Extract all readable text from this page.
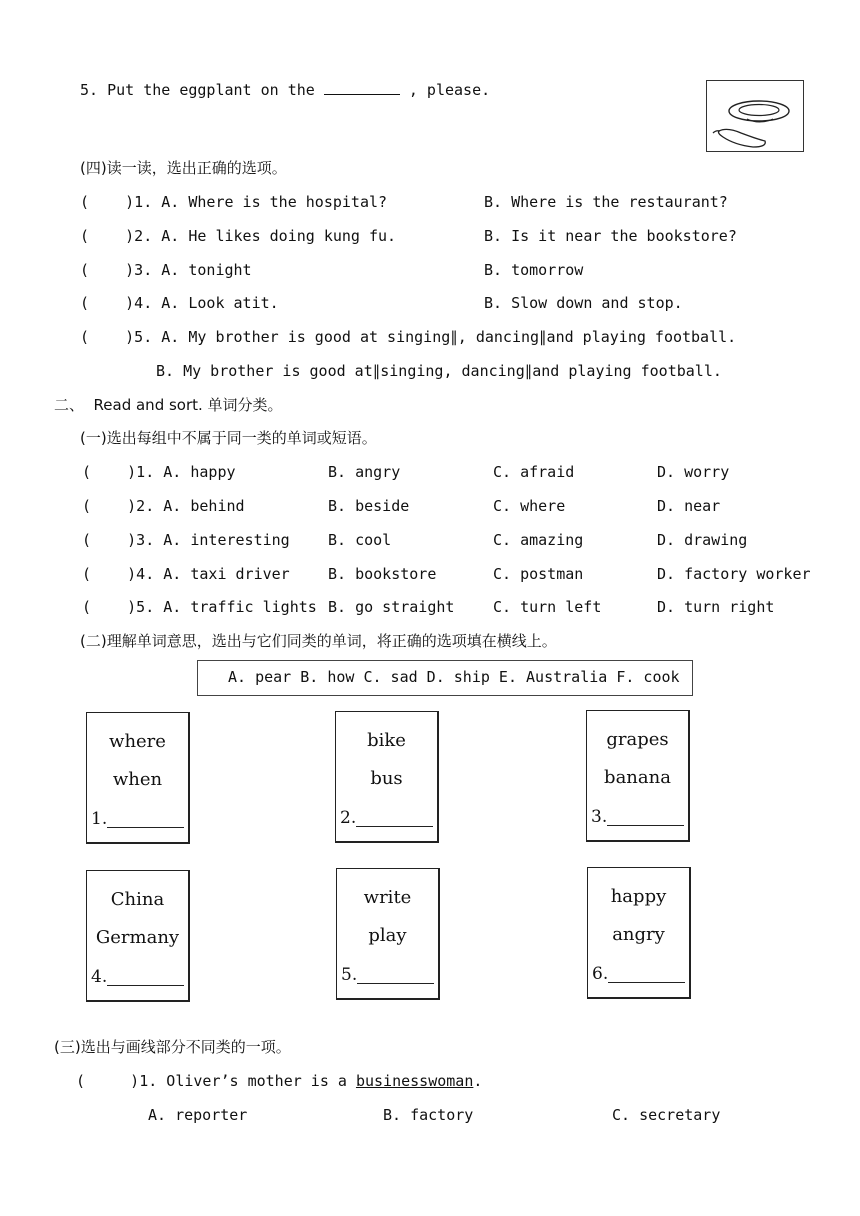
5. Put the eggplant on the	, please.
(四)读一读，选出正确的选项。
(    )1. A. Where is the hospital?	B. Where is the restaurant?
(    )2. A. He likes doing kung fu.	B. Is it near the bookstore?
(    )3. A. tonight	B. tomorrow
(    )4. A. Look atit.	B. Slow down and stop.
(    )5. A. My brother is good at singing∥, dancing∥and playing football.
B. My brother is good at∥singing, dancing∥and playing football.
二、  Read and sort. 单词分类。
(一)选出每组中不属于同一类的单词或短语。
(    )1. A. happy	B. angry	C. afraid	D. worry
(    )2. A. behind	B. beside	C. where	D. near
(    )3. A. interesting	B. cool	C. amazing	D. drawing
(    )4. A. taxi driver	B. bookstore	C. postman	D. factory worker
(    )5. A. traffic lights B. go straight	C. turn left	D. turn right
(二)理解单词意思，选出与它们同类的单词，将正确的选项填在横线上。
A. pear B. how C. sad D. ship E. Australia F. cook
where
when
1.
bike
bus
2.
grapes
banana
3.
China
Germany
4.
write
play
5.
happy
angry
6.
(三)选出与画线部分不同类的一项。
(     )1. Oliver’s mother is a businesswoman.
A. reporter	B. factory	C. secretary
